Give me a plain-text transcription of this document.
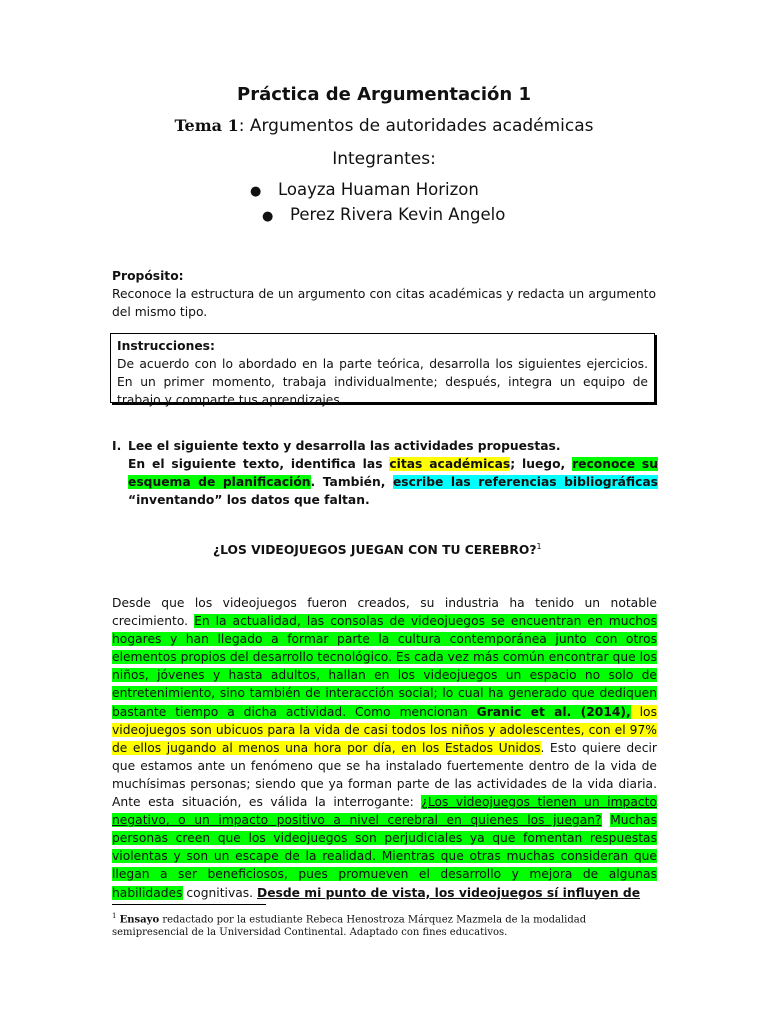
Práctica de Argumentación 1
Tema 1: Argumentos de autoridades académicas
Integrantes:
● Loayza Huaman Horizon
● Perez Rivera Kevin Angelo
Propósito:
Reconoce la estructura de un argumento con citas académicas y redacta un argumento del mismo tipo.
Instrucciones:
De acuerdo con lo abordado en la parte teórica, desarrolla los siguientes ejercicios. En un primer momento, trabaja individualmente; después, integra un equipo de trabajo y comparte tus aprendizajes.
I. Lee el siguiente texto y desarrolla las actividades propuestas.
En el siguiente texto, identifica las citas académicas; luego, reconoce su esquema de planificación. También, escribe las referencias bibliográficas “inventando” los datos que faltan.
¿LOS VIDEOJUEGOS JUEGAN CON TU CEREBRO?$^1$
Desde que los videojuegos fueron creados, su industria ha tenido un notable crecimiento. En la actualidad, las consolas de videojuegos se encuentran en muchos hogares y han llegado a formar parte la cultura contemporánea junto con otros elementos propios del desarrollo tecnológico. Es cada vez más común encontrar que los niños, jóvenes y hasta adultos, hallan en los videojuegos un espacio no solo de entretenimiento, sino también de interacción social; lo cual ha generado que dediquen bastante tiempo a dicha actividad. Como mencionan Granic et al. (2014), los videojuegos son ubicuos para la vida de casi todos los niños y adolescentes, con el 97% de ellos jugando al menos una hora por día, en los Estados Unidos. Esto quiere decir que estamos ante un fenómeno que se ha instalado fuertemente dentro de la vida de muchísimas personas; siendo que ya forman parte de las actividades de la vida diaria. Ante esta situación, es válida la interrogante: ¿Los videojuegos tienen un impacto negativo, o un impacto positivo a nivel cerebral en quienes los juegan? Muchas personas creen que los videojuegos son perjudiciales ya que fomentan respuestas violentas y son un escape de la realidad. Mientras que otras muchas consideran que llegan a ser beneficiosos, pues promueven el desarrollo y mejora de algunas habilidades cognitivas. Desde mi punto de vista, los videojuegos sí influyen de
$^1$ Ensayo redactado por la estudiante Rebeca Henostroza Márquez Mazmela de la modalidad semipresencial de la Universidad Continental. Adaptado con fines educativos.
